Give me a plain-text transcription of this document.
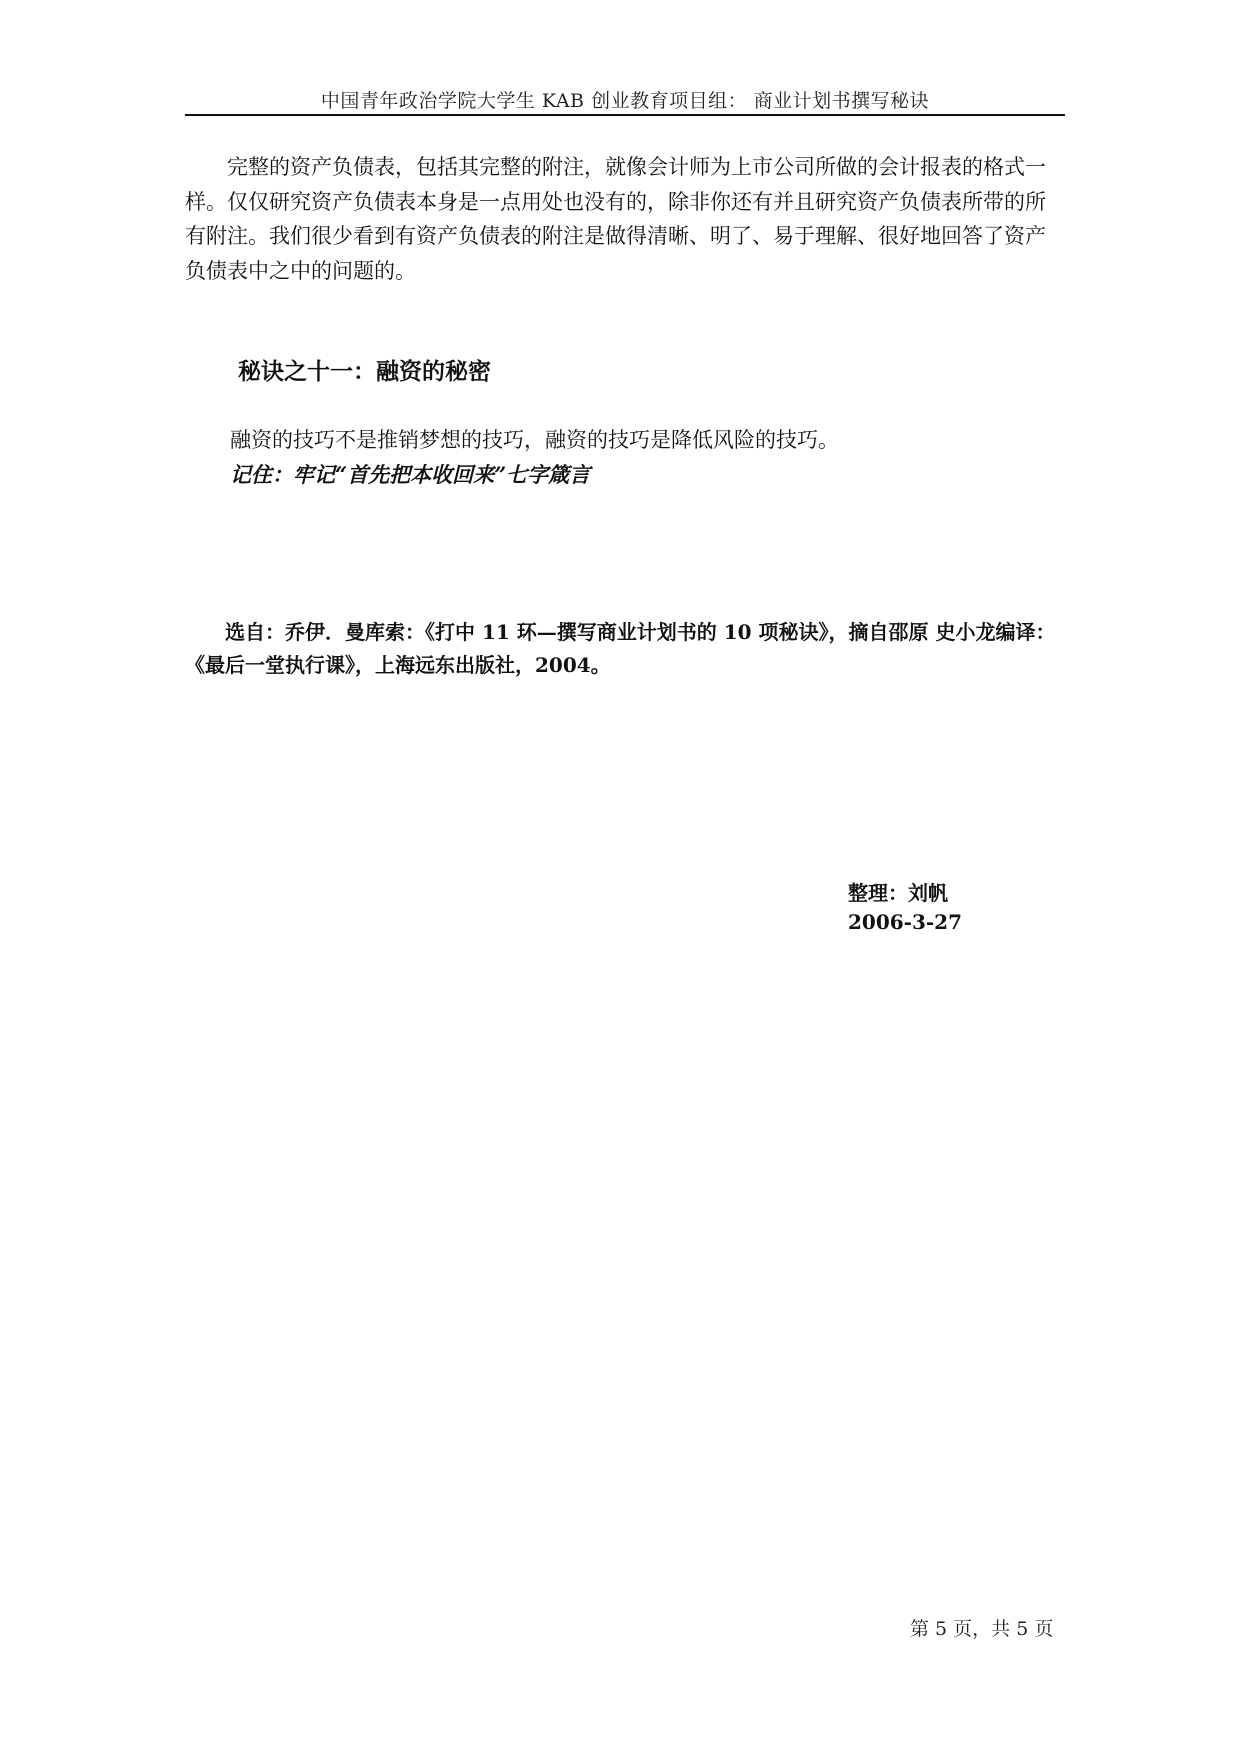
中国青年政治学院大学生 KAB 创业教育项目组： 商业计划书撰写秘诀

完整的资产负债表，包括其完整的附注，就像会计师为上市公司所做的会计报表的格式一样。仅仅研究资产负债表本身是一点用处也没有的，除非你还有并且研究资产负债表所带的所有附注。我们很少看到有资产负债表的附注是做得清晰、明了、易于理解、很好地回答了资产负债表中之中的问题的。

秘诀之十一：融资的秘密

融资的技巧不是推销梦想的技巧，融资的技巧是降低风险的技巧。

记住：牢记“首先把本收回来”七字箴言

选自：乔伊．曼库索：《打中 11 环—撰写商业计划书的 10 项秘诀》，摘自邵原 史小龙编译：《最后一堂执行课》，上海远东出版社，2004。

整理：刘帆

2006-3-27

第 5 页，共 5 页
